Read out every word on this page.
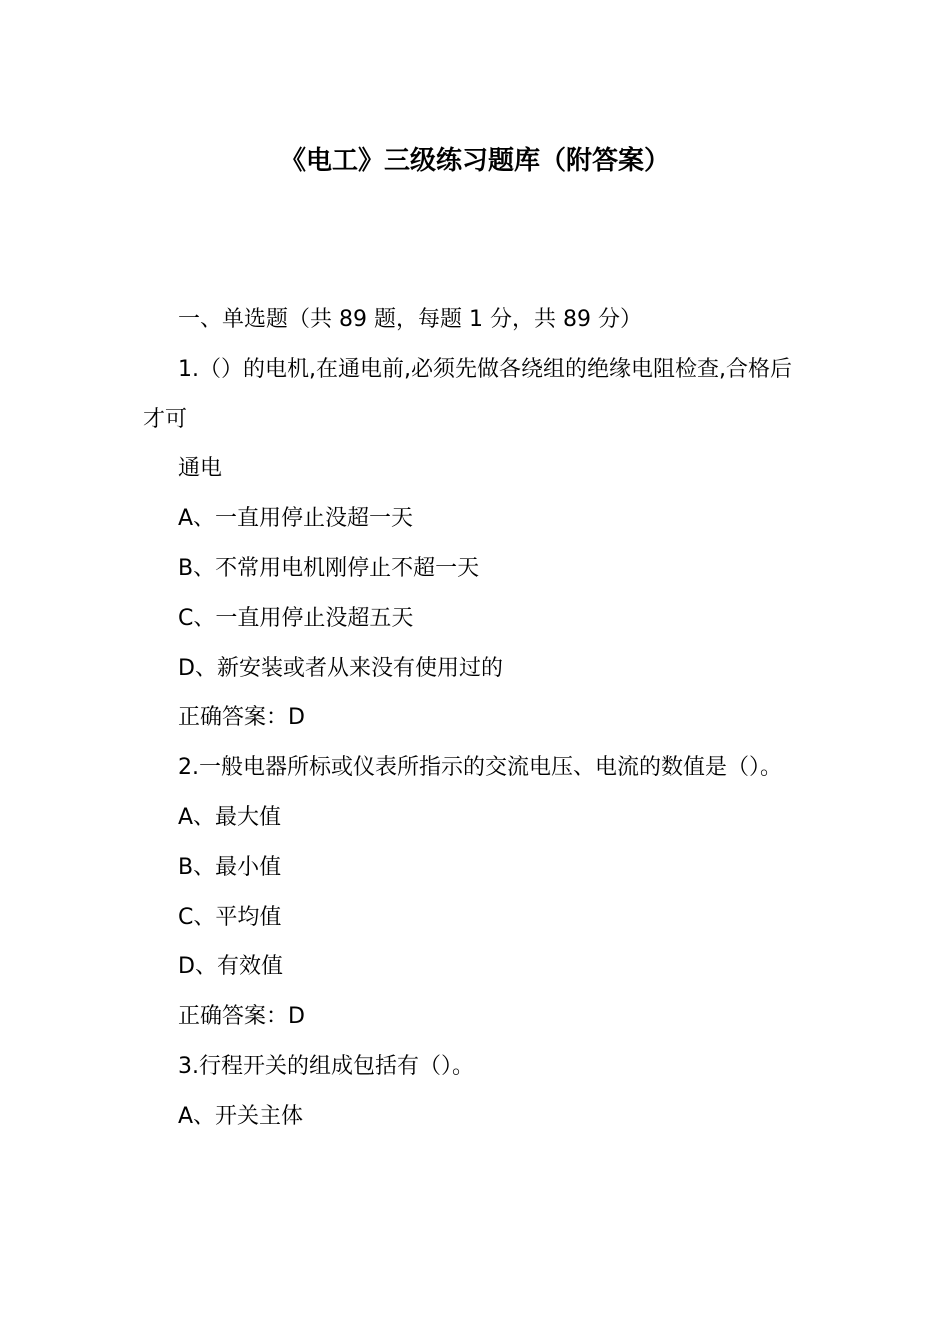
《电工》三级练习题库（附答案）

一、单选题（共 89 题，每题 1 分，共 89 分）

1.（）的电机,在通电前,必须先做各绕组的绝缘电阻检查,合格后才可

通电

A、一直用停止没超一天

B、不常用电机刚停止不超一天

C、一直用停止没超五天

D、新安装或者从来没有使用过的

正确答案：D

2.一般电器所标或仪表所指示的交流电压、电流的数值是（）。

A、最大值

B、最小值

C、平均值

D、有效值

正确答案：D

3.行程开关的组成包括有（）。

A、开关主体
